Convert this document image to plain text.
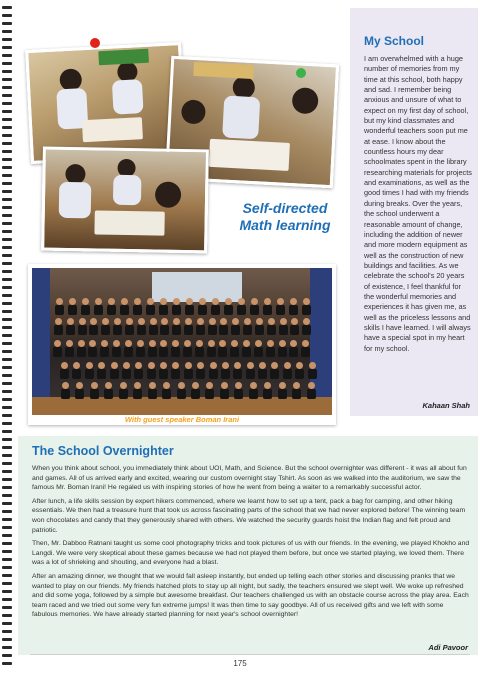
Self-directed Math learning
My School
I am overwhelmed with a huge number of memories from my time at this school, both happy and sad. I remember being anxious and unsure of what to expect on my first day of school, but my kind classmates and wonderful teachers soon put me at ease. I know about the countless hours my dear schoolmates spent in the library researching materials for projects and examinations, as well as the good times I had with my friends during breaks. Over the years, the school underwent a reasonable amount of change, including the addition of newer and more modern equipment as well as the construction of new buildings and facilities. As we celebrate the school's 20 years of existence, I feel thankful for the wonderful memories and experiences it has given me, as well as the priceless lessons and skills I have learned. I will always have a special spot in my heart for my school.
Kahaan Shah
With guest speaker Boman Irani
The School Overnighter

When you think about school, you immediately think about UOI, Math, and Science. But the school overnighter was different - it was all about fun and games. All of us arrived early and excited, wearing our custom overnight stay Tshirt. As soon as we walked into the auditorium, we saw the famous Mr. Boman Irani! He regaled us with inspiring stories of how he went from being a waiter to a remarkably successful actor.

After lunch, a life skills session by expert hikers commenced, where we learnt how to set up a tent, pack a bag for camping, and other hiking essentials. We then had a treasure hunt that took us across fascinating parts of the school that we had never explored before! The winning team won chocolates and candy that they generously shared with others. We watched the security guards hoist the Indian flag and felt proud and patriotic.

Then, Mr. Dabboo Ratnani taught us some cool photography tricks and took pictures of us with our friends. In the evening, we played Khokho and Langdi. We were very skeptical about these games because we had not played them before, but once we started playing, we loved them. There was a lot of shrieking and shouting, and everyone had a blast.

After an amazing dinner, we thought that we would fall asleep instantly, but ended up telling each other stories and discussing pranks that we wanted to play on our friends. My friends hatched plots to stay up all night, but sadly, the teachers ensured we slept well. We woke up refreshed and did some yoga, followed by a simple but awesome breakfast. Our teachers challenged us with an obstacle course across the play area. Each team raced and we tried out some very fun extreme jumps! It was then time to say goodbye. All of us received gifts and we left with some fabulous memories. We have already started planning for next year's school overnighter!

Adi Pavoor
175
